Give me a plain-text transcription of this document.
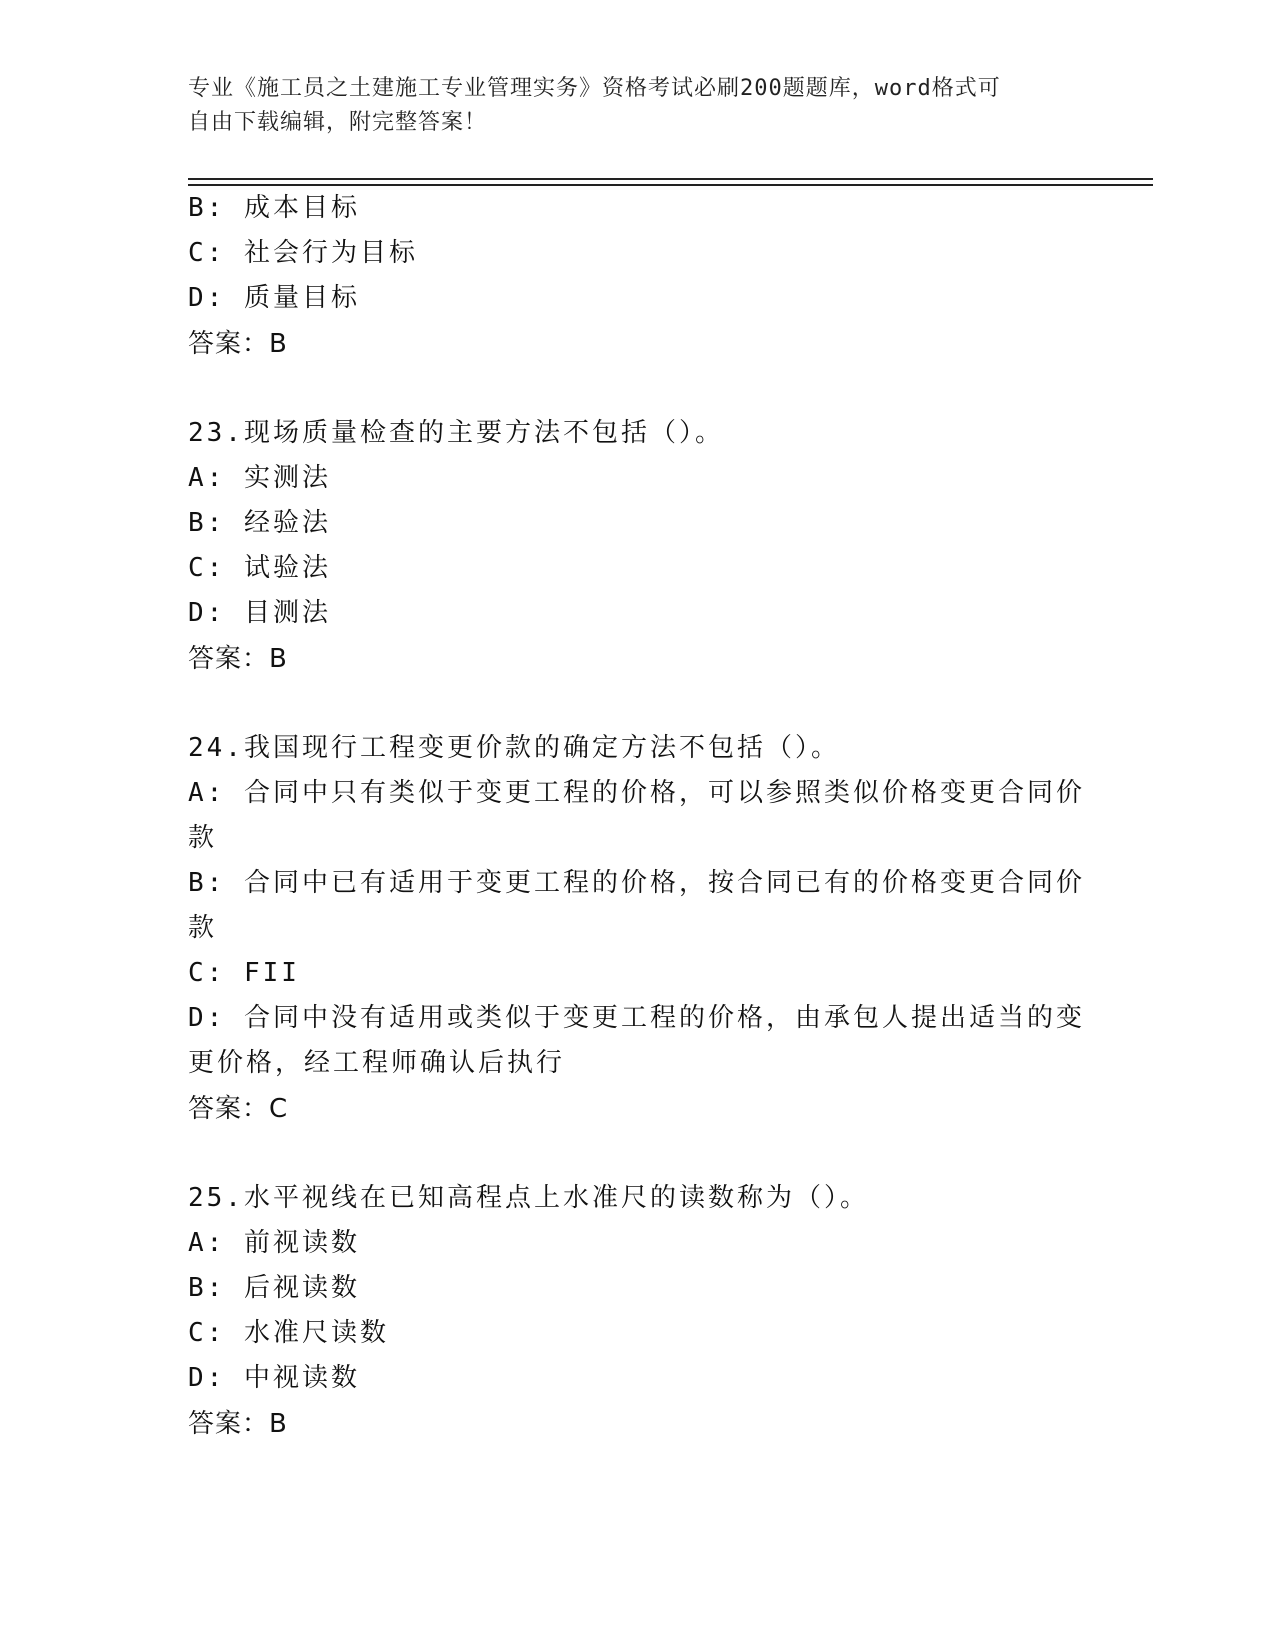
专业《施工员之土建施工专业管理实务》资格考试必刷200题题库，word格式可
自由下载编辑，附完整答案！
B: 成本目标
C: 社会行为目标
D: 质量目标
答案：B
23.现场质量检查的主要方法不包括（）。
A: 实测法
B: 经验法
C: 试验法
D: 目测法
答案：B
24.我国现行工程变更价款的确定方法不包括（）。
A: 合同中只有类似于变更工程的价格，可以参照类似价格变更合同价
款
B: 合同中已有适用于变更工程的价格，按合同已有的价格变更合同价
款
C: FII
D: 合同中没有适用或类似于变更工程的价格，由承包人提出适当的变
更价格，经工程师确认后执行
答案：C
25.水平视线在已知高程点上水准尺的读数称为（）。
A: 前视读数
B: 后视读数
C: 水准尺读数
D: 中视读数
答案：B
